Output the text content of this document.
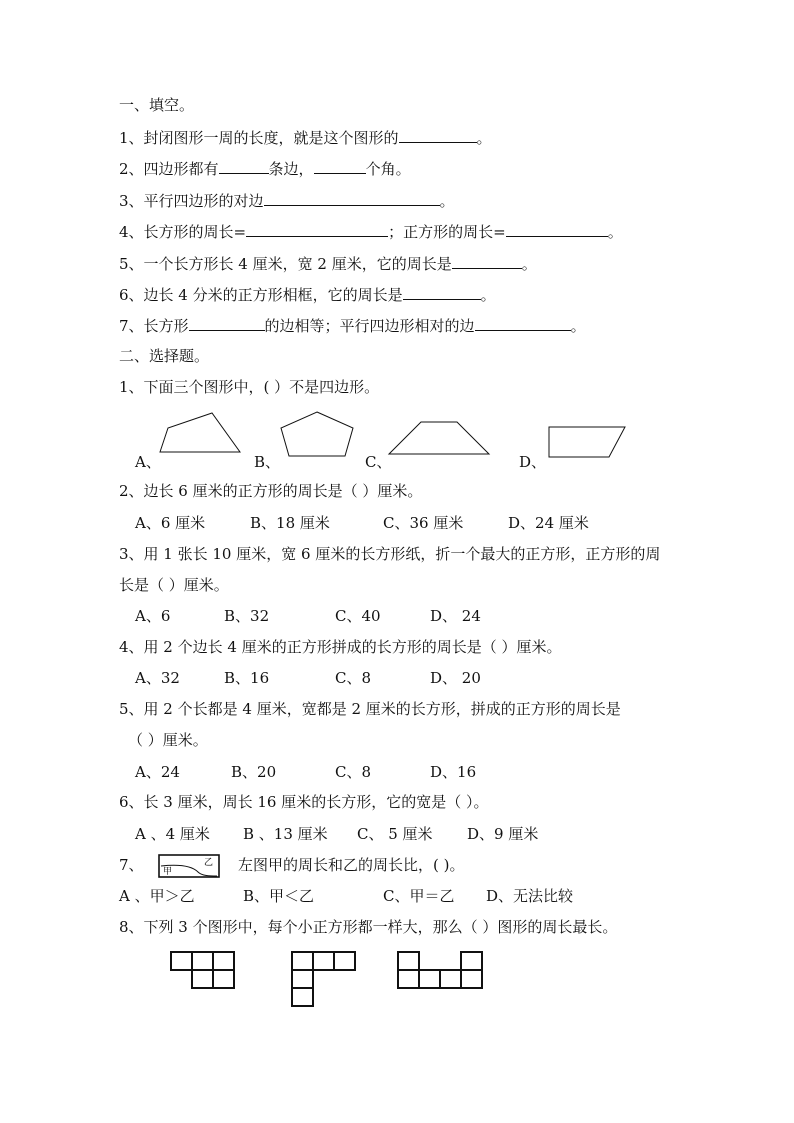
一、填空。
1、封闭图形一周的长度，就是这个图形的	。
2、四边形都有	条边，	个角。
3、平行四边形的对边	。
4、长方形的周长=	；正方形的周长=	。
5、一个长方形长 4 厘米，宽 2 厘米，它的周长是	。
6、边长 4 分米的正方形相框，它的周长是	。
7、长方形	的边相等；平行四边形相对的边	。
二、选择题。
1、下面三个图形中，( ）不是四边形。
A、	B、	C、	D、
2、边长 6 厘米的正方形的周长是（ ）厘米。
A、6 厘米	B、18 厘米	C、36 厘米	D、24 厘米
3、用 1 张长 10 厘米，宽 6 厘米的长方形纸，折一个最大的正方形，正方形的周
长是（ ）厘米。
A、6	B、32	C、40	D、 24
4、用 2 个边长 4 厘米的正方形拼成的长方形的周长是（ ）厘米。
A、32	B、16	C、8	D、 20
5、用 2 个长都是 4 厘米，宽都是 2 厘米的长方形，拼成的正方形的周长是
（ ）厘米。
A、24	B、20	C、8	D、16
6、长 3 厘米，周长 16 厘米的长方形，它的宽是（ ）。
A 、4 厘米 B 、13 厘米 C、 5 厘米 D、9 厘米
7、 甲
乙 左图甲的周长和乙的周长比，( )。
A 、甲＞乙	B、甲＜乙	C、甲＝乙 D、无法比较
8、下列 3 个图形中，每个小正方形都一样大，那么（ ）图形的周长最长。
